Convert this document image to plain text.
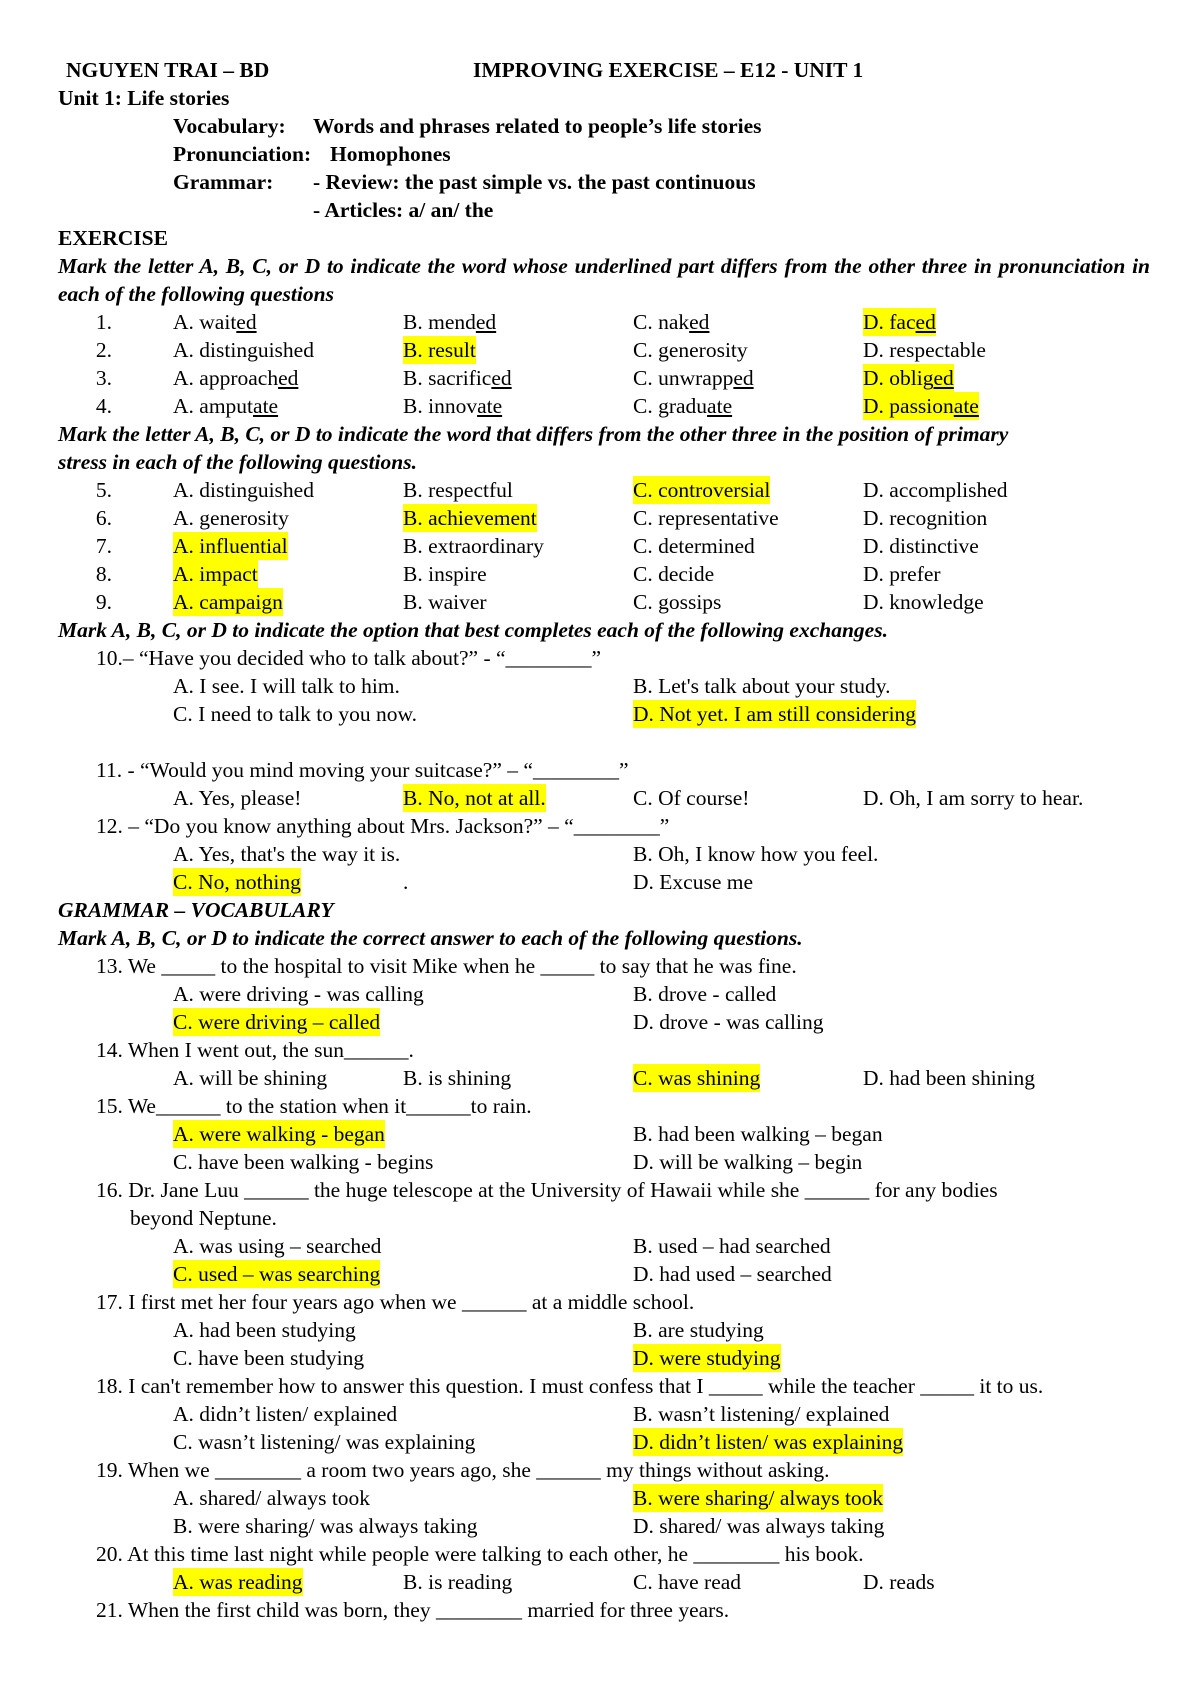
NGUYEN TRAI – BD	IMPROVING EXERCISE – E12 - UNIT 1
Unit 1: Life stories
Vocabulary: Words and phrases related to people’s life stories
Pronunciation: Homophones
Grammar: - Review: the past simple vs. the past continuous
- Articles: a/ an/ the
EXERCISE
Mark the letter A, B, C, or D to indicate the word whose underlined part differs from the other three in pronunciation in each of the following questions
1.	A. waited	B. mended	C. naked	D. faced
2.	A. distinguished	B. result	C. generosity	D. respectable
3.	A. approached	B. sacrificed	C. unwrapped	D. obliged
4.	A. amputate	B. innovate	C. graduate	D. passionate
Mark the letter A, B, C, or D to indicate the word that differs from the other three in the position of primary
stress in each of the following questions.
5.	A. distinguished	B. respectful	C. controversial	D. accomplished
6.	A. generosity	B. achievement	C. representative	D. recognition
7.	A. influential	B. extraordinary	C. determined	D. distinctive
8.	A. impact	B. inspire	C. decide	D. prefer
9.	A. campaign	B. waiver	C. gossips	D. knowledge
Mark A, B, C, or D to indicate the option that best completes each of the following exchanges.
10.– “Have you decided who to talk about?” - “________”
A. I see. I will talk to him.	B. Let's talk about your study.
C. I need to talk to you now.	D. Not yet. I am still considering
11. - “Would you mind moving your suitcase?” – “________”
A. Yes, please!	B. No, not at all.	C. Of course!	D. Oh, I am sorry to hear.
12. – “Do you know anything about Mrs. Jackson?” – “________”
A. Yes, that's the way it is.	B. Oh, I know how you feel.
C. No, nothing	.	D. Excuse me
GRAMMAR – VOCABULARY
Mark A, B, C, or D to indicate the correct answer to each of the following questions.
13. We _____ to the hospital to visit Mike when he _____ to say that he was fine.
A. were driving - was calling	B. drove - called
C. were driving – called	D. drove - was calling
14. When I went out, the sun______.
A. will be shining	B. is shining	C. was shining	D. had been shining
15. We______ to the station when it______to rain.
A. were walking - began	B. had been walking – began
C. have been walking - begins	D. will be walking – begin
16. Dr. Jane Luu ______ the huge telescope at the University of Hawaii while she ______ for any bodies
beyond Neptune.
A. was using – searched	B. used – had searched
C. used – was searching	D. had used – searched
17. I first met her four years ago when we ______ at a middle school.
A. had been studying	B. are studying
C. have been studying	D. were studying
18. I can't remember how to answer this question. I must confess that I _____ while the teacher _____ it to us.
A. didn’t listen/ explained	B. wasn’t listening/ explained
C. wasn’t listening/ was explaining	D. didn’t listen/ was explaining
19. When we ________ a room two years ago, she ______ my things without asking.
A. shared/ always took	B. were sharing/ always took
B. were sharing/ was always taking	D. shared/ was always taking
20. At this time last night while people were talking to each other, he ________ his book.
A. was reading	B. is reading	C. have read	D. reads
21. When the first child was born, they ________ married for three years.
